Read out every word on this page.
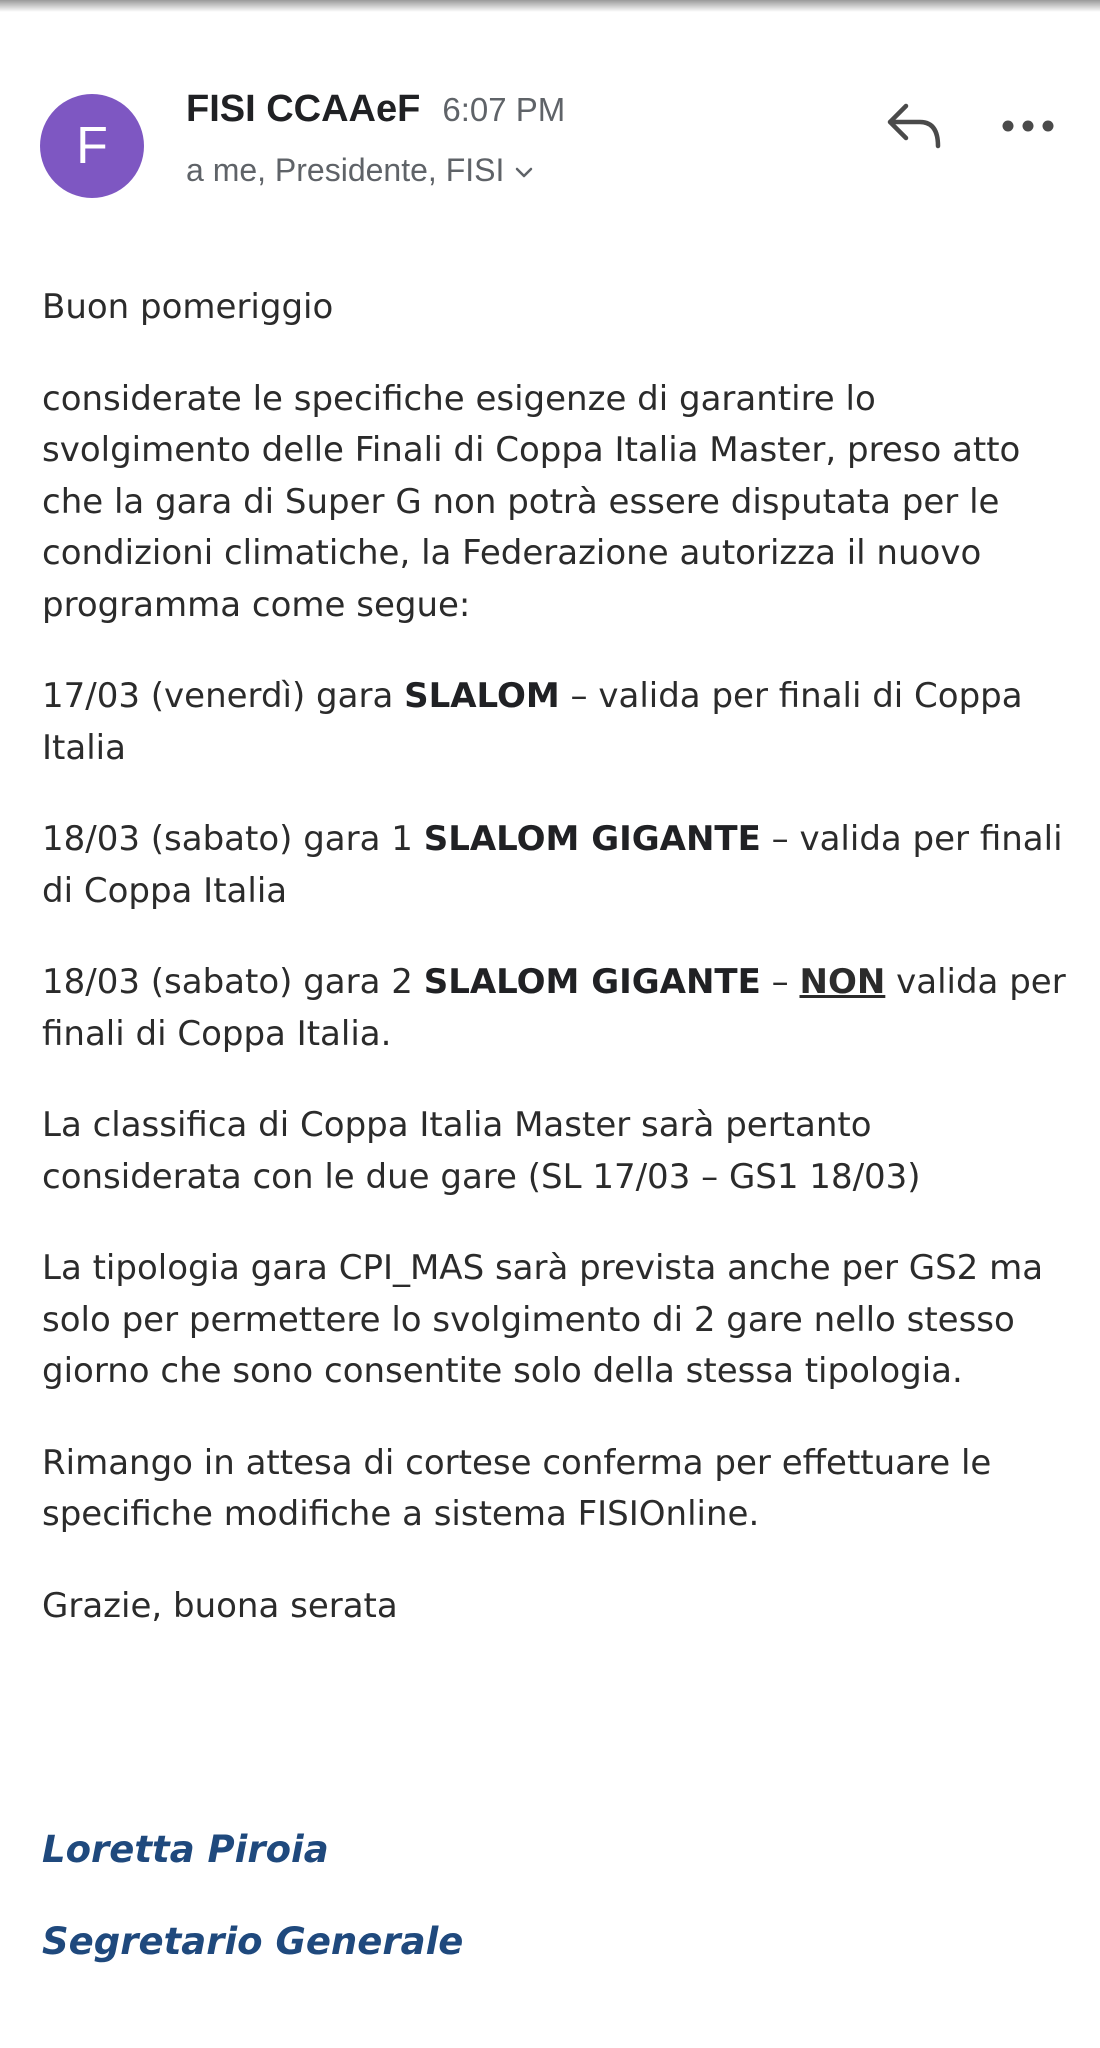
F
FISI CCAAeF 6:07 PM
a me, Presidente, FISI

Buon pomeriggio

considerate le specifiche esigenze di garantire lo svolgimento delle Finali di Coppa Italia Master, preso atto che la gara di Super G non potrà essere disputata per le condizioni climatiche, la Federazione autorizza il nuovo programma come segue:

17/03 (venerdì) gara SLALOM – valida per finali di Coppa Italia

18/03 (sabato) gara 1 SLALOM GIGANTE – valida per finali di Coppa Italia

18/03 (sabato) gara 2 SLALOM GIGANTE – NON valida per finali di Coppa Italia.

La classifica di Coppa Italia Master sarà pertanto considerata con le due gare (SL 17/03 – GS1 18/03)

La tipologia gara CPI_MAS sarà prevista anche per GS2 ma solo per permettere lo svolgimento di 2 gare nello stesso giorno che sono consentite solo della stessa tipologia.

Rimango in attesa di cortese conferma per effettuare le specifiche modifiche a sistema FISIOnline.

Grazie, buona serata

Loretta Piroia
Segretario Generale
